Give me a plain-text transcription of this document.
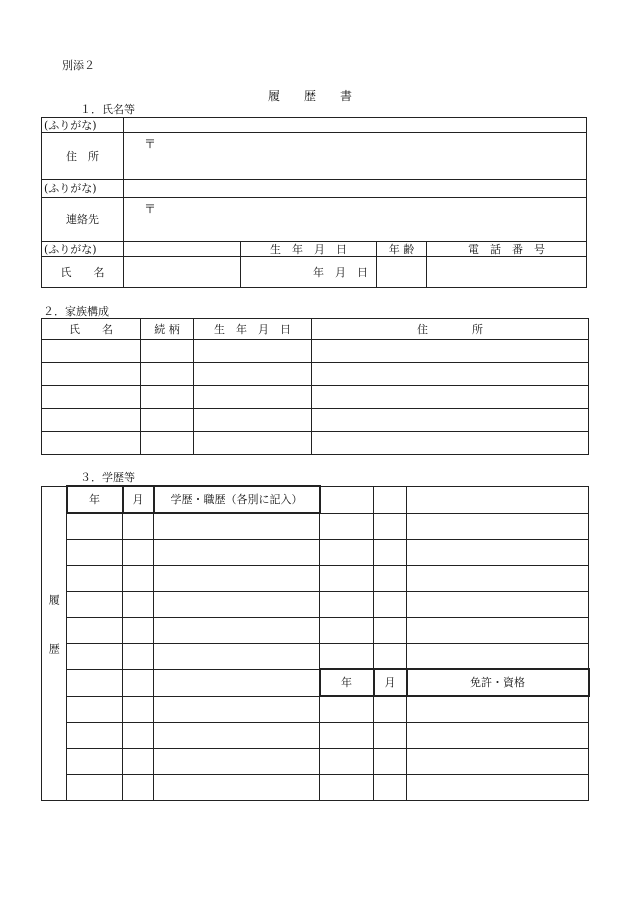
別添２
履　　歴　　書
１．氏名等
(ふりがな)				
住　所	〒			
(ふりがな)				
連絡先	〒			
(ふりがな)		生　年　月　日	年 齢	電　話　番　号
氏　　名		年　月　日		
２．家族構成
氏　　名	続 柄	生　年　月　日	住　　　　所

３．学歴等
履歴	年	月	学歴・職歴（各別に記入）			

				年	月	免許・資格
